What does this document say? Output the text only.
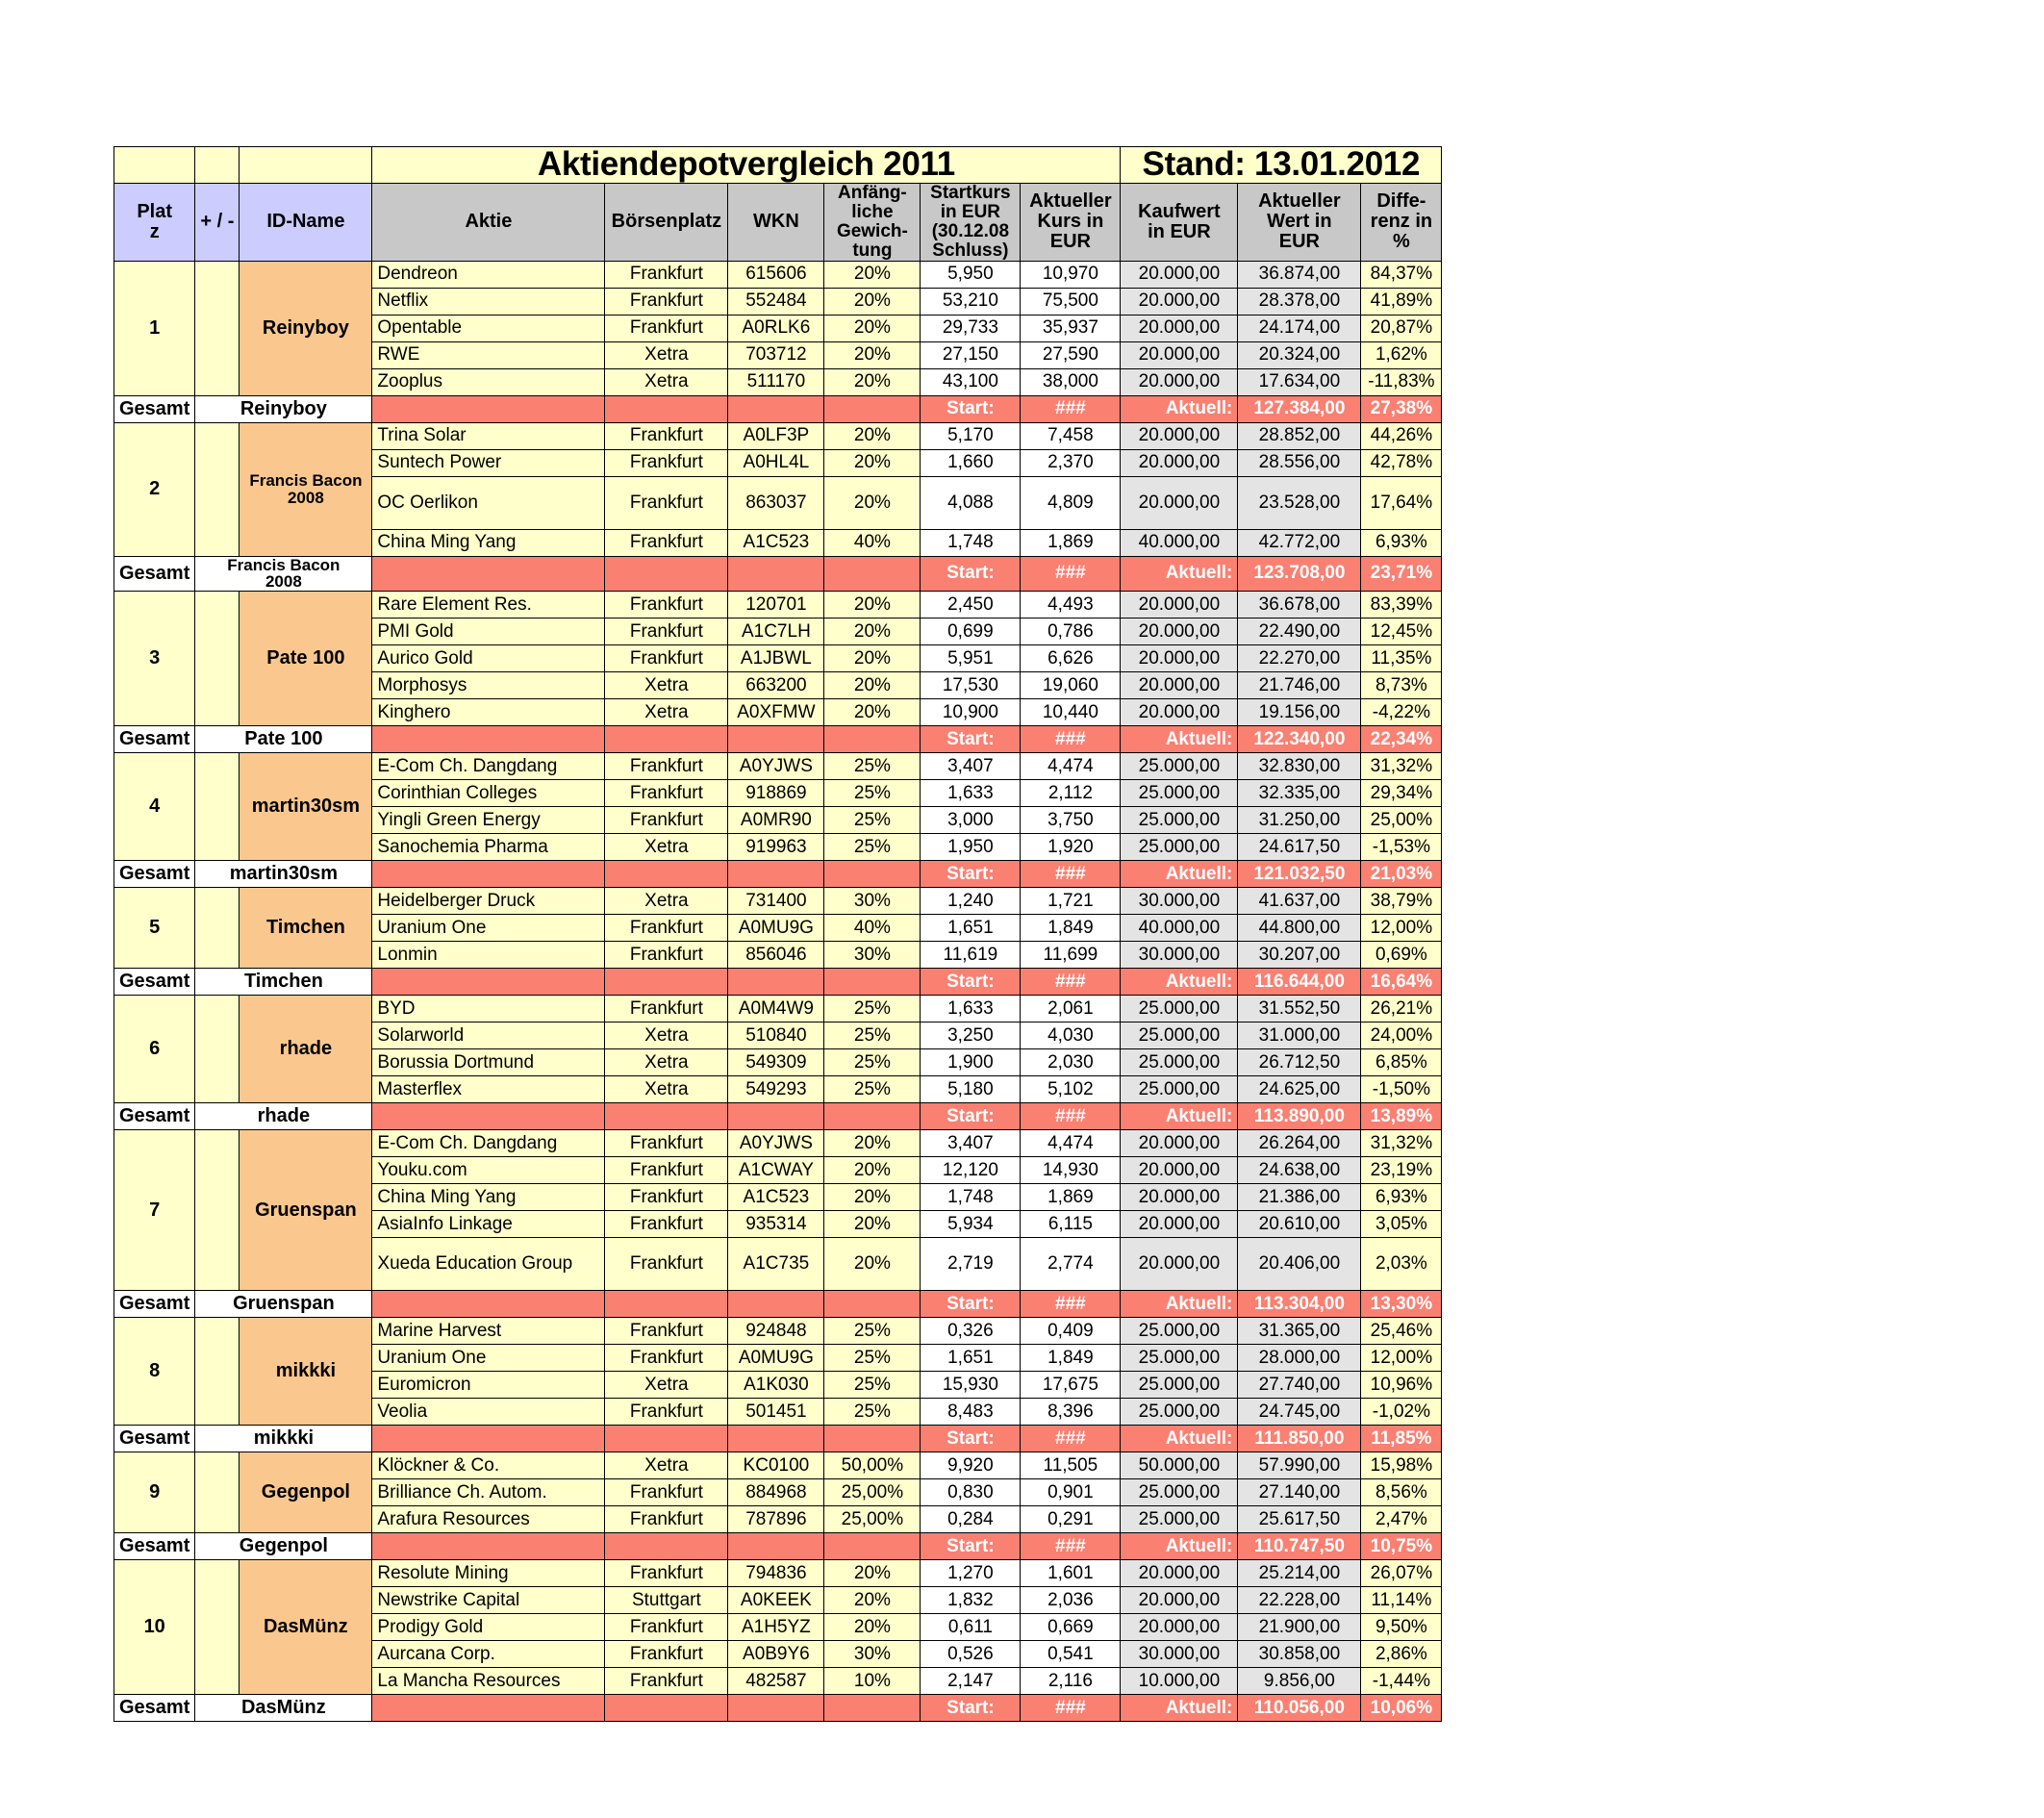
			Aktiendepotvergleich 2011						Stand: 13.01.2012		
Plat
z	+ / -	ID-Name	Aktie	Börsenplatz	WKN	Anfäng-
liche
Gewich-
tung	Startkurs
in EUR
(30.12.08
Schluss)	Aktueller
Kurs in
EUR	Kaufwert
in EUR	Aktueller
Wert in
EUR	Diffe-
renz in
%
1		Reinyboy	Dendreon	Frankfurt	615606	20%	5,950	10,970	20.000,00	36.874,00	84,37%
			Netflix	Frankfurt	552484	20%	53,210	75,500	20.000,00	28.378,00	41,89%
			Opentable	Frankfurt	A0RLK6	20%	29,733	35,937	20.000,00	24.174,00	20,87%
			RWE	Xetra	703712	20%	27,150	27,590	20.000,00	20.324,00	1,62%
			Zooplus	Xetra	511170	20%	43,100	38,000	20.000,00	17.634,00	-11,83%
Gesamt	Reinyboy						Start:	###	Aktuell:	127.384,00	27,38%
2		Francis Bacon
2008	Trina Solar	Frankfurt	A0LF3P	20%	5,170	7,458	20.000,00	28.852,00	44,26%
			Suntech Power	Frankfurt	A0HL4L	20%	1,660	2,370	20.000,00	28.556,00	42,78%
			OC Oerlikon	Frankfurt	863037	20%	4,088	4,809	20.000,00	23.528,00	17,64%
			China Ming Yang	Frankfurt	A1C523	40%	1,748	1,869	40.000,00	42.772,00	6,93%
Gesamt	Francis Bacon
2008						Start:	###	Aktuell:	123.708,00	23,71%
3		Pate 100	Rare Element Res.	Frankfurt	120701	20%	2,450	4,493	20.000,00	36.678,00	83,39%
			PMI Gold	Frankfurt	A1C7LH	20%	0,699	0,786	20.000,00	22.490,00	12,45%
			Aurico Gold	Frankfurt	A1JBWL	20%	5,951	6,626	20.000,00	22.270,00	11,35%
			Morphosys	Xetra	663200	20%	17,530	19,060	20.000,00	21.746,00	8,73%
			Kinghero	Xetra	A0XFMW	20%	10,900	10,440	20.000,00	19.156,00	-4,22%
Gesamt	Pate 100						Start:	###	Aktuell:	122.340,00	22,34%
4		martin30sm	E-Com Ch. Dangdang	Frankfurt	A0YJWS	25%	3,407	4,474	25.000,00	32.830,00	31,32%
			Corinthian Colleges	Frankfurt	918869	25%	1,633	2,112	25.000,00	32.335,00	29,34%
			Yingli Green Energy	Frankfurt	A0MR90	25%	3,000	3,750	25.000,00	31.250,00	25,00%
			Sanochemia Pharma	Xetra	919963	25%	1,950	1,920	25.000,00	24.617,50	-1,53%
Gesamt	martin30sm						Start:	###	Aktuell:	121.032,50	21,03%
5		Timchen	Heidelberger Druck	Xetra	731400	30%	1,240	1,721	30.000,00	41.637,00	38,79%
			Uranium One	Frankfurt	A0MU9G	40%	1,651	1,849	40.000,00	44.800,00	12,00%
			Lonmin	Frankfurt	856046	30%	11,619	11,699	30.000,00	30.207,00	0,69%
Gesamt	Timchen						Start:	###	Aktuell:	116.644,00	16,64%
6		rhade	BYD	Frankfurt	A0M4W9	25%	1,633	2,061	25.000,00	31.552,50	26,21%
			Solarworld	Xetra	510840	25%	3,250	4,030	25.000,00	31.000,00	24,00%
			Borussia Dortmund	Xetra	549309	25%	1,900	2,030	25.000,00	26.712,50	6,85%
			Masterflex	Xetra	549293	25%	5,180	5,102	25.000,00	24.625,00	-1,50%
Gesamt	rhade						Start:	###	Aktuell:	113.890,00	13,89%
7		Gruenspan	E-Com Ch. Dangdang	Frankfurt	A0YJWS	20%	3,407	4,474	20.000,00	26.264,00	31,32%
			Youku.com	Frankfurt	A1CWAY	20%	12,120	14,930	20.000,00	24.638,00	23,19%
			China Ming Yang	Frankfurt	A1C523	20%	1,748	1,869	20.000,00	21.386,00	6,93%
			AsiaInfo Linkage	Frankfurt	935314	20%	5,934	6,115	20.000,00	20.610,00	3,05%
			Xueda Education Group	Frankfurt	A1C735	20%	2,719	2,774	20.000,00	20.406,00	2,03%
Gesamt	Gruenspan						Start:	###	Aktuell:	113.304,00	13,30%
8		mikkki	Marine Harvest	Frankfurt	924848	25%	0,326	0,409	25.000,00	31.365,00	25,46%
			Uranium One	Frankfurt	A0MU9G	25%	1,651	1,849	25.000,00	28.000,00	12,00%
			Euromicron	Xetra	A1K030	25%	15,930	17,675	25.000,00	27.740,00	10,96%
			Veolia	Frankfurt	501451	25%	8,483	8,396	25.000,00	24.745,00	-1,02%
Gesamt	mikkki						Start:	###	Aktuell:	111.850,00	11,85%
9		Gegenpol	Klöckner & Co.	Xetra	KC0100	50,00%	9,920	11,505	50.000,00	57.990,00	15,98%
			Brilliance Ch. Autom.	Frankfurt	884968	25,00%	0,830	0,901	25.000,00	27.140,00	8,56%
			Arafura Resources	Frankfurt	787896	25,00%	0,284	0,291	25.000,00	25.617,50	2,47%
Gesamt	Gegenpol						Start:	###	Aktuell:	110.747,50	10,75%
10		DasMünz	Resolute Mining	Frankfurt	794836	20%	1,270	1,601	20.000,00	25.214,00	26,07%
			Newstrike Capital	Stuttgart	A0KEEK	20%	1,832	2,036	20.000,00	22.228,00	11,14%
			Prodigy Gold	Frankfurt	A1H5YZ	20%	0,611	0,669	20.000,00	21.900,00	9,50%
			Aurcana Corp.	Frankfurt	A0B9Y6	30%	0,526	0,541	30.000,00	30.858,00	2,86%
			La Mancha Resources	Frankfurt	482587	10%	2,147	2,116	10.000,00	9.856,00	-1,44%
Gesamt	DasMünz						Start:	###	Aktuell:	110.056,00	10,06%
